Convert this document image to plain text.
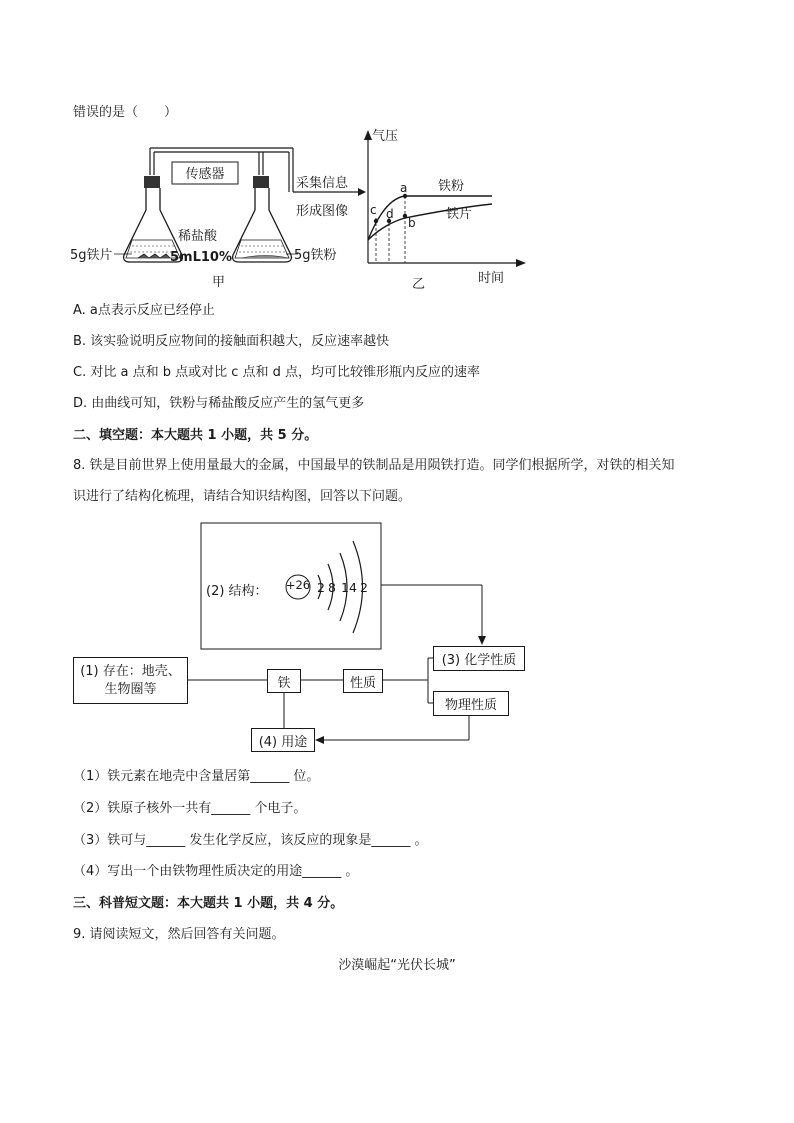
错误的是（　　）
传感器
稀盐酸
5mL10%
5g铁片	5g铁粉
甲
采集信息
形成图像
气压
时间
乙
a
b
c d
铁粉
铁片
A. a点表示反应已经停止
B. 该实验说明反应物间的接触面积越大，反应速率越快
C. 对比 a 点和 b 点或对比 c 点和 d 点，均可比较锥形瓶内反应的速率
D. 由曲线可知，铁粉与稀盐酸反应产生的氢气更多
二、填空题：本大题共 1 小题，共 5 分。
8. 铁是目前世界上使用量最大的金属，中国最早的铁制品是用陨铁打造。同学们根据所学，对铁的相关知
识进行了结构化梳理，请结合知识结构图，回答以下问题。
(2) 结构： +26 2 8 14 2
(1) 存在：地壳、
生物圈等	铁	性质
(3) 化学性质
物理性质
(4) 用途
（1）铁元素在地壳中含量居第______ 位。
（2）铁原子核外一共有______ 个电子。
（3）铁可与______ 发生化学反应，该反应的现象是______ 。
（4）写出一个由铁物理性质决定的用途______ 。
三、科普短文题：本大题共 1 小题，共 4 分。
9. 请阅读短文，然后回答有关问题。
沙漠崛起“光伏长城”
